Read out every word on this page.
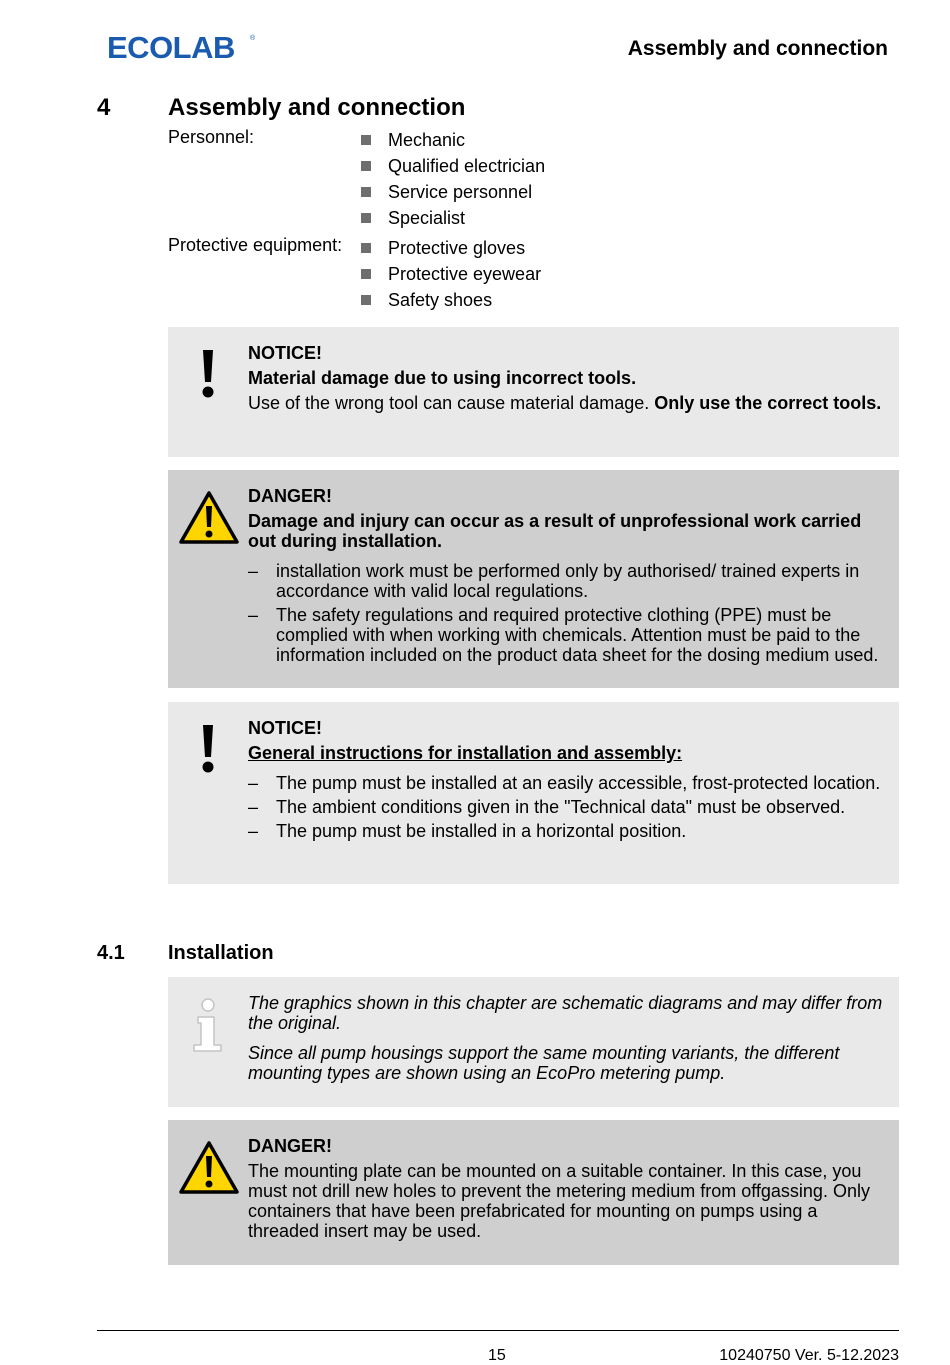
ECOLAB ®	Assembly and connection
4 Assembly and connection
Personnel:	Mechanic
Qualified electrician
Service personnel
Specialist
Protective equipment:	Protective gloves
Protective eyewear
Safety shoes
NOTICE!
Material damage due to using incorrect tools.

Use of the wrong tool can cause material damage. Only use the correct tools.

DANGER!
Damage and injury can occur as a result of unprofessional work carried out during installation.
– installation work must be performed only by authorised/ trained experts in accordance with valid local regulations.
– The safety regulations and required protective clothing (PPE) must be complied with when working with chemicals. Attention must be paid to the information included on the product data sheet for the dosing medium used.
NOTICE!
General instructions for installation and assembly:
– The pump must be installed at an easily accessible, frost-protected location.
– The ambient conditions given in the "Technical data" must be observed.
– The pump must be installed in a horizontal position.
4.1 Installation

The graphics shown in this chapter are schematic diagrams and may differ from the original.

Since all pump housings support the same mounting variants, the different mounting types are shown using an EcoPro metering pump.

DANGER!

The mounting plate can be mounted on a suitable container. In this case, you must not drill new holes to prevent the metering medium from offgassing. Only containers that have been prefabricated for mounting on pumps using a threaded insert may be used.

15	10240750 Ver. 5-12.2023
